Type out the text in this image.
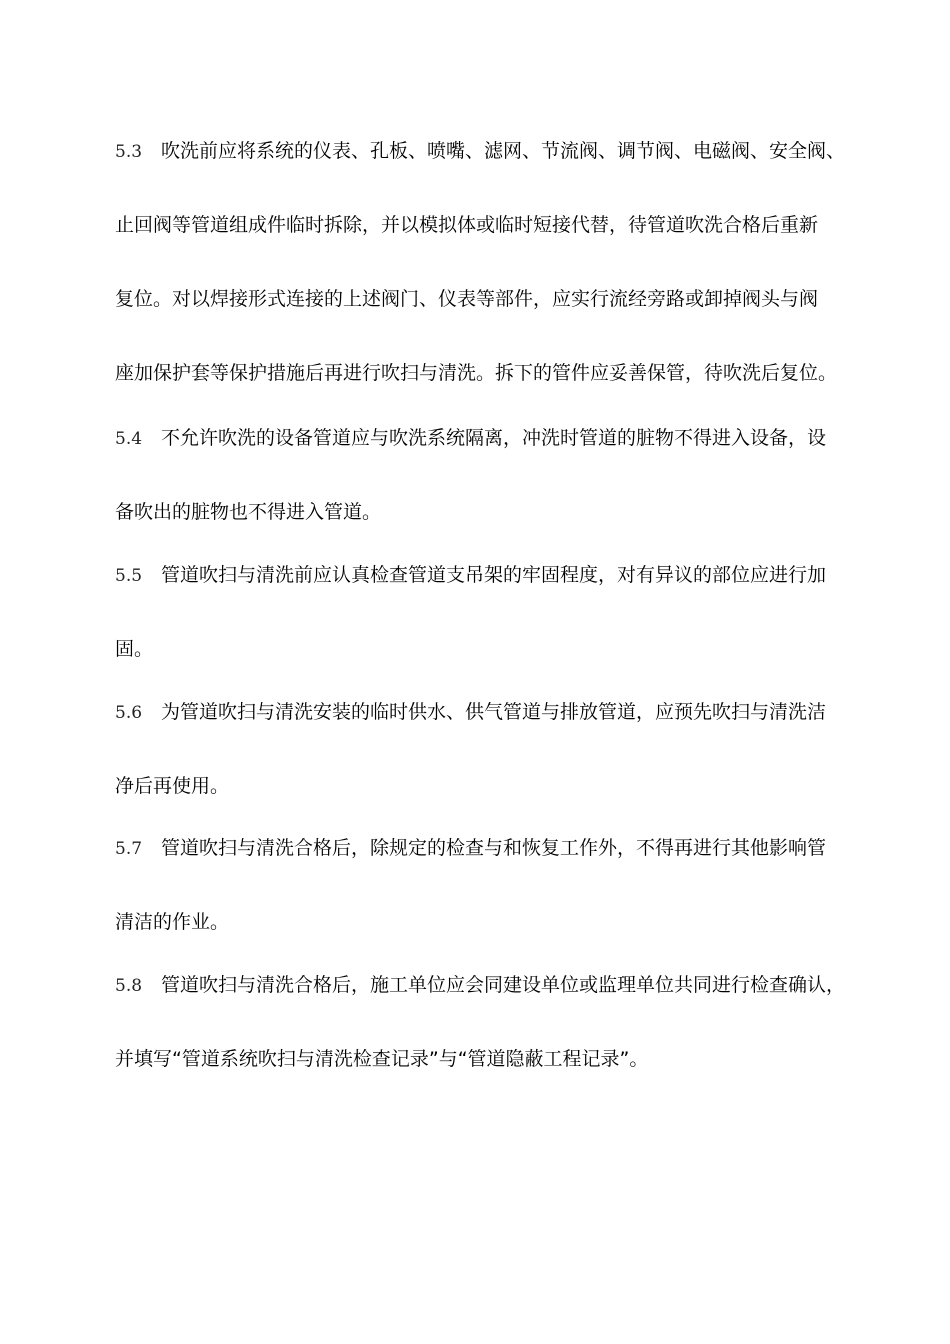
5.3 吹洗前应将系统的仪表、孔板、喷嘴、滤网、节流阀、调节阀、电磁阀、安全阀、
止回阀等管道组成件临时拆除，并以模拟体或临时短接代替，待管道吹洗合格后重新
复位。对以焊接形式连接的上述阀门、仪表等部件，应实行流经旁路或卸掉阀头与阀
座加保护套等保护措施后再进行吹扫与清洗。拆下的管件应妥善保管，待吹洗后复位。
5.4 不允许吹洗的设备管道应与吹洗系统隔离，冲洗时管道的脏物不得进入设备，设
备吹出的脏物也不得进入管道。
5.5 管道吹扫与清洗前应认真检查管道支吊架的牢固程度，对有异议的部位应进行加
固。
5.6 为管道吹扫与清洗安装的临时供水、供气管道与排放管道，应预先吹扫与清洗洁
净后再使用。
5.7 管道吹扫与清洗合格后，除规定的检查与和恢复工作外，不得再进行其他影响管
清洁的作业。
5.8 管道吹扫与清洗合格后，施工单位应会同建设单位或监理单位共同进行检查确认，
并填写“管道系统吹扫与清洗检查记录”与“管道隐蔽工程记录”。
